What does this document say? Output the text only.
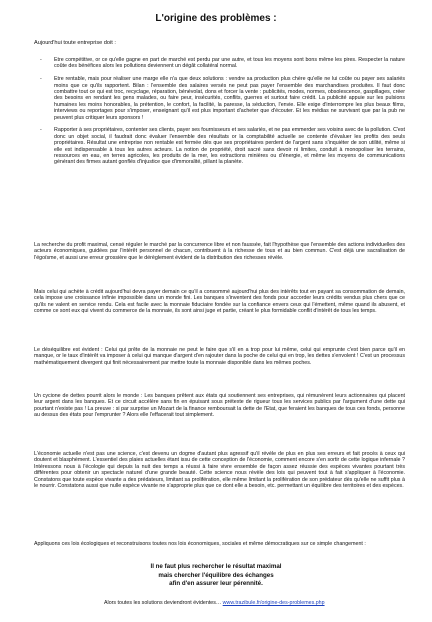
L'origine des problèmes :

Aujourd'hui toute entreprise doit :

- Etre compétitive, or ce qu'elle gagne en part de marché est perdu par une autre, et tous les moyens sont bons même les pires. Respecter la nature coûte des bénéfices alors les pollutions deviennent un dégât collatéral normal.
- Etre rentable, mais pour réaliser une marge elle n'a que deux solutions : vendre sa production plus chère qu'elle ne lui coûte ou payer ses salariés moins que ce qu'ils rapportent. Bilan : l'ensemble des salaires versés ne peut pas payer l'ensemble des marchandises produites. Il faut donc combattre tout ce qui est troc, recyclage, réparation, bénévolat, dons et forcer la vente : publicités, modes, normes, obsolescence, gaspillages, créer des besoins en rendant les gens malades, ou faire peur, insécurités, conflits, guerres et surtout faire crédit. La publicité appuie sur les pulsions humaines les moins honorables, la prétention, le confort, la facilité, la paresse, la séduction, l'envie. Elle exige d'interrompre les plus beaux films, interviews ou reportages pour s'imposer, enseignant qu'il est plus important d'acheter que d'écouter. Et les médias ne survivant que par la pub ne peuvent plus critiquer leurs sponsors !
- Rapporter à ses propriétaires, contenter ses clients, payer ses fournisseurs et ses salariés, et ne pas emmerder ses voisins avec de la pollution. C'est donc un objet social, il faudrait donc évaluer l'ensemble des résultats or la comptabilité actuelle se contente d'évaluer les profits des seuls propriétaires. Résultat une entreprise non rentable est fermée dès que ses propriétaires perdent de l'argent sans s'inquiéter de son utilité, même si elle est indispensable à tous les autres acteurs. La notion de propriété, droit sacré sans devoir ni limites, conduit à monopoliser les terrains, ressources en eau, en terres agricoles, les produits de la mer, les extractions minières ou d'énergie, et même les moyens de communications générant des firmes autant gonflés d'injustice que d'immoralité, pillant la planète.

La recherche du profit maximal, censé réguler le marché par la concurrence libre et non faussée, fait l'hypothèse que l'ensemble des actions individuelles des acteurs économiques, guidées par l'intérêt personnel de chacun, contribuent à la richesse de tous et au bien commun. C'est déjà une sacralisation de l'égoïsme, et aussi une erreur grossière que le dérèglement évident de la distribution des richesses révèle.

Mais celui qui achète à crédit aujourd'hui devra payer demain ce qu'il a consommé aujourd'hui plus des intérêts tout en payant sa consommation de demain, cela impose une croissance infinie impossible dans un monde fini. Les banques s'inventent des fonds pour accorder leurs crédits vendus plus chers que ce qu'ils ne valent en service rendu. Cela est facile avec la monnaie fiduciaire fondée sur la confiance envers ceux qui l'émettent, même quand ils abusent, et comme ce sont eux qui vivent du commerce de la monnaie, ils sont ainsi juge et partie, créant le plus formidable conflit d'intérêt de tous les temps.

Le déséquilibre est évident : Celui qui prête de la monnaie ne peut le faire que s'il en a trop pour lui même, celui qui emprunte c'est bien parce qu'il en manque, or le taux d'intérêt va imposer à celui qui manque d'argent d'en rajouter dans la poche de celui qui en trop, les dettes s'envolent ! C'est un processus mathématiquement divergent qui finit nécessairement par mettre toute la monnaie disponible dans les mêmes poches.

Un cycione de dettes pourrit alors le monde : Les banques prêtent aux états qui soutiennent ses entreprises, qui rémunèrent leurs actionnaires qui placent leur argent dans les banques. Et ce circuit accélère sans fin en épuisant sous prétexte de rigueur tous les services publics par l'argument d'une dette qui pourtant n'existe pas ! La preuve : si par surprise un Mozart de la finance remboursait la dette de l'Etat, que feraient les banques de tous ces fonds, personne au dessus des états pour l'emprunter ? Alors elle l'effacerait tout simplement.

L'économie actuelle n'est pas une science, c'est devenu un dogme d'autant plus agressif qu'il révèle de plus en plus ses erreurs et fait procès à ceux qui doutent et blasphèment. L'essentiel des plaies actuelles étant issu de cette conception de l'économie, comment encore s'en sortir de cette logique infernale ? Intéressons nous à l'écologie qui depuis la nuit des temps a réussi à faire vivre ensemble de façon assez réussie des espèces vivantes pourtant très différentes pour obtenir un spectacle naturel d'une grande beauté. Cette science nous révèle des lois qui peuvent tout à fait s'appliquer à l'économie. Constatons que toute espèce vivante a des prédateurs, limitant sa prolifération, elle même limitant la prolifération de son prédateur dès qu'elle ne suffit plus à le nourrir. Constatons aussi que nulle espèce vivante ne s'approprie plus que ce dont elle a besoin, etc. permettant un équilibre des territoires et des espèces.

Appliquons ces lois écologiques et reconstruisons toutes nos lois économiques, sociales et même démocratiques sur ce simple changement :

Il ne faut plus rechercher le résultat maximal
mais chercher l'équilibre des échanges
afin d'en assurer leur pérennité.

Alors toutes les solutions deviendront évidentes… www.trazibule.fr/origine-des-problemes.php
